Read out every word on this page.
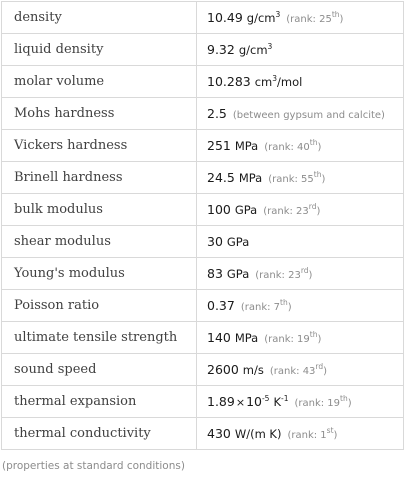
density	10.49 $g/cm^3$ (rank: 25th)
liquid density	9.32 $g/cm^3$
molar volume	10.283 $cm^3$/mol
Mohs hardness	2.5 (between gypsum and calcite)
Vickers hardness	251 MPa (rank: 40th)
Brinell hardness	24.5 MPa (rank: 55th)
bulk modulus	100 GPa (rank: 23rd)
shear modulus	30 GPa
Young's modulus	83 GPa (rank: 23rd)
Poisson ratio	0.37 (rank: 7th)
ultimate tensile strength	140 MPa (rank: 19th)
sound speed	2600 m/s (rank: 43rd)
thermal expansion	$1.89\times 10^{-5}$ $K^{-1}$ (rank: 19th)
thermal conductivity	430 W/(m K) (rank: 1st)
(properties at standard conditions)
